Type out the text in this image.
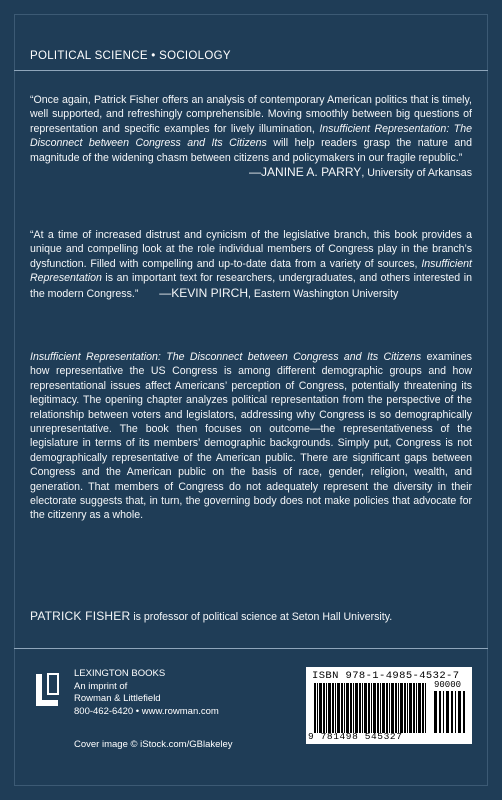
POLITICAL SCIENCE • SOCIOLOGY
“Once again, Patrick Fisher offers an analysis of contemporary American politics that is timely, well supported, and refreshingly comprehensible. Moving smoothly between big questions of representation and specific examples for lively illumination, Insufficient Representation: The Disconnect between Congress and Its Citizens will help readers grasp the nature and magnitude of the widening chasm between citizens and policymakers in our fragile republic.”
—JANINE A. PARRY, University of Arkansas
“At a time of increased distrust and cynicism of the legislative branch, this book provides a unique and compelling look at the role individual members of Congress play in the branch’s dysfunction. Filled with compelling and up-to-date data from a variety of sources, Insufficient Representation is an important text for researchers, undergraduates, and others interested in the modern Congress.” —KEVIN PIRCH, Eastern Washington University
Insufficient Representation: The Disconnect between Congress and Its Citizens examines how representative the US Congress is among different demographic groups and how representational issues affect Americans’ perception of Congress, potentially threatening its legitimacy. The opening chapter analyzes political representation from the perspective of the relationship between voters and legislators, addressing why Congress is so demographically unrepresentative. The book then focuses on outcome—the representativeness of the legislature in terms of its members’ demographic backgrounds. Simply put, Congress is not demographically representative of the American public. There are significant gaps between Congress and the American public on the basis of race, gender, religion, wealth, and generation. That members of Congress do not adequately represent the diversity in their electorate suggests that, in turn, the governing body does not make policies that advocate for the citizenry as a whole.
PATRICK FISHER is professor of political science at Seton Hall University.
LEXINGTON BOOKS
An imprint of
Rowman & Littlefield
800-462-6420 • www.rowman.com
Cover image © iStock.com/GBlakeley
ISBN 978-1-4985-4532-7
90000
9 781498 545327
